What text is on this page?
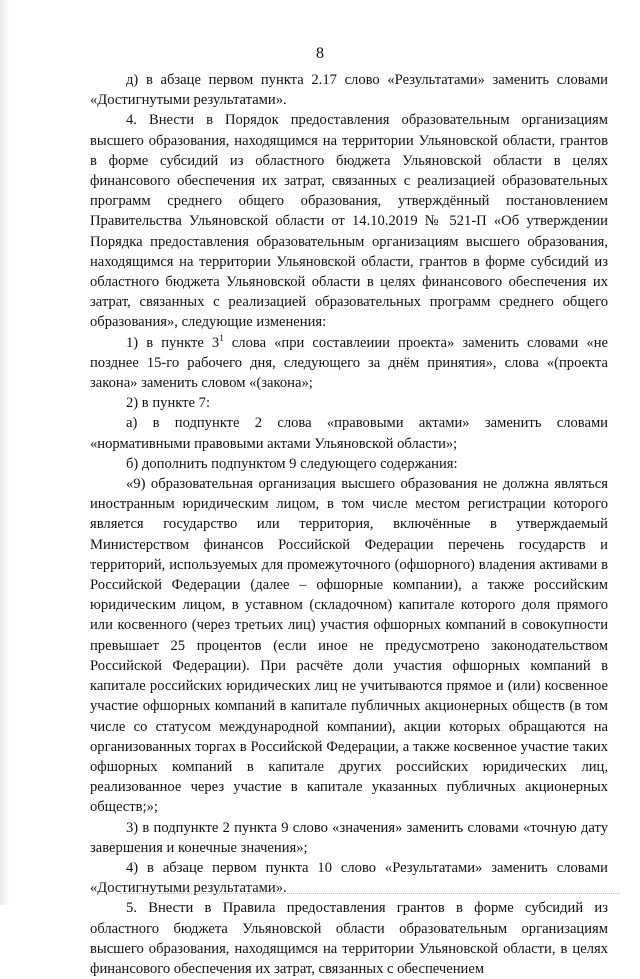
8

д) в абзаце первом пункта 2.17 слово «Результатами» заменить словами «Достигнутыми результатами».

4. Внести в Порядок предоставления образовательным организациям высшего образования, находящимся на территории Ульяновской области, грантов в форме субсидий из областного бюджета Ульяновской области в целях финансового обеспечения их затрат, связанных с реализацией образовательных программ среднего общего образования, утверждённый постановлением Правительства Ульяновской области от 14.10.2019 № 521-П «Об утверждении Порядка предоставления образовательным организациям высшего образования, находящимся на территории Ульяновской области, грантов в форме субсидий из областного бюджета Ульяновской области в целях финансового обеспечения их затрат, связанных с реализацией образовательных программ среднего общего образования», следующие изменения:

1) в пункте $3^1$ слова «при составлеиии проекта» заменить словами «не позднее 15-го рабочего дня, следующего за днём принятия», слова «(проекта закона» заменить словом «(закона»;

2) в пункте 7:

а) в подпункте 2 слова «правовыми актами» заменить словами «нормативными правовыми актами Ульяновской области»;

б) дополнить подпунктом 9 следующего содержания:

«9) образовательная организация высшего образования не должна являться иностранным юридическим лицом, в том числе местом регистрации которого является государство или территория, включённые в утверждаемый Министерством финансов Российской Федерации перечень государств и территорий, используемых для промежуточного (офшорного) владения активами в Российской Федерации (далее – офшорные компании), а также российским юридическим лицом, в уставном (складочном) капитале которого доля прямого или косвенного (через третьих лиц) участия офшорных компаний в совокупности превышает 25 процентов (если иное не предусмотрено законодательством Российской Федерации). При расчёте доли участия офшорных компаний в капитале российских юридических лиц не учитываются прямое и (или) косвенное участие офшорных компаний в капитале публичных акционерных обществ (в том числе со статусом международной компании), акции которых обращаются на организованных торгах в Российской Федерации, а также косвенное участие таких офшорных компаний в капитале других российских юридических лиц, реализованное через участие в капитале указанных публичных акционерных обществ;»;

3) в подпункте 2 пункта 9 слово «значения» заменить словами «точную дату завершения и конечные значения»;

4) в абзаце первом пункта 10 слово «Результатами» заменить словами «Достигнутыми результатами».

5. Внести в Правила предоставления грантов в форме субсидий из областного бюджета Ульяновской области образовательным организациям высшего образования, находящимся на территории Ульяновской области, в целях финансового обеспечения их затрат, связанных с обеспечением
